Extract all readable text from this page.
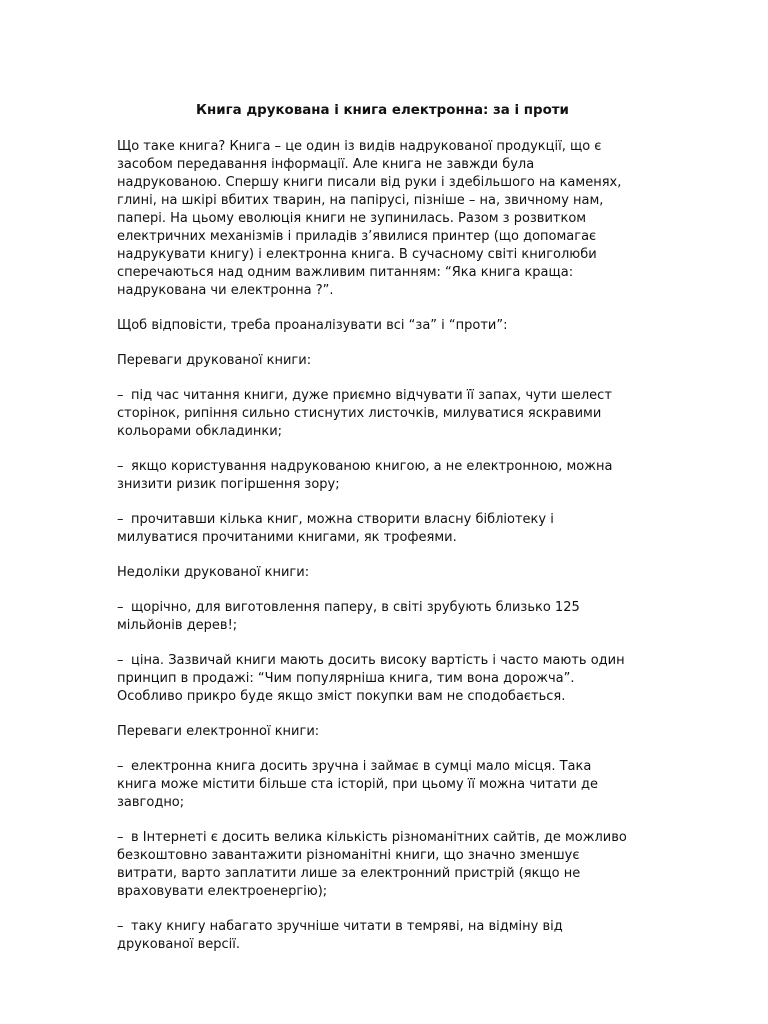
Книга друкована і книга електронна: за і проти

Що таке книга? Книга – це один із видів надрукованої продукції, що є засобом передавання інформації. Але книга не завжди була надрукованою. Спершу книги писали від руки і здебільшого на каменях, глині, на шкірі вбитих тварин, на папірусі, пізніше – на, звичному нам, папері. На цьому еволюція книги не зупинилась. Разом з розвитком електричних механізмів і приладів з’явилися принтер (що допомагає надрукувати книгу) і електронна книга. В сучасному світі книголюби сперечаються над одним важливим питанням: “Яка книга краща: надрукована чи електронна ?”.

Щоб відповісти, треба проаналізувати всі “за” і “проти”:

Переваги друкованої книги:

– під час читання книги, дуже приємно відчувати її запах, чути шелест сторінок, рипіння сильно стиснутих листочків, милуватися яскравими кольорами обкладинки;

– якщо користування надрукованою книгою, а не електронною, можна знизити ризик погіршення зору;

– прочитавши кілька книг, можна створити власну бібліотеку і милуватися прочитаними книгами, як трофеями.

Недоліки друкованої книги:

– щорічно, для виготовлення паперу, в світі зрубують близько 125 мільйонів дерев!;

– ціна. Зазвичай книги мають досить високу вартість і часто мають один принцип в продажі: “Чим популярніша книга, тим вона дорожча”. Особливо прикро буде якщо зміст покупки вам не сподобається.

Переваги електронної книги:

– електронна книга досить зручна і займає в сумці мало місця. Така книга може містити більше ста історій, при цьому її можна читати де завгодно;

– в Інтернеті є досить велика кількість різноманітних сайтів, де можливо безкоштовно завантажити різноманітні книги, що значно зменшує витрати, варто заплатити лише за електронний пристрій (якщо не враховувати електроенергію);

– таку книгу набагато зручніше читати в темряві, на відміну від друкованої версії.
